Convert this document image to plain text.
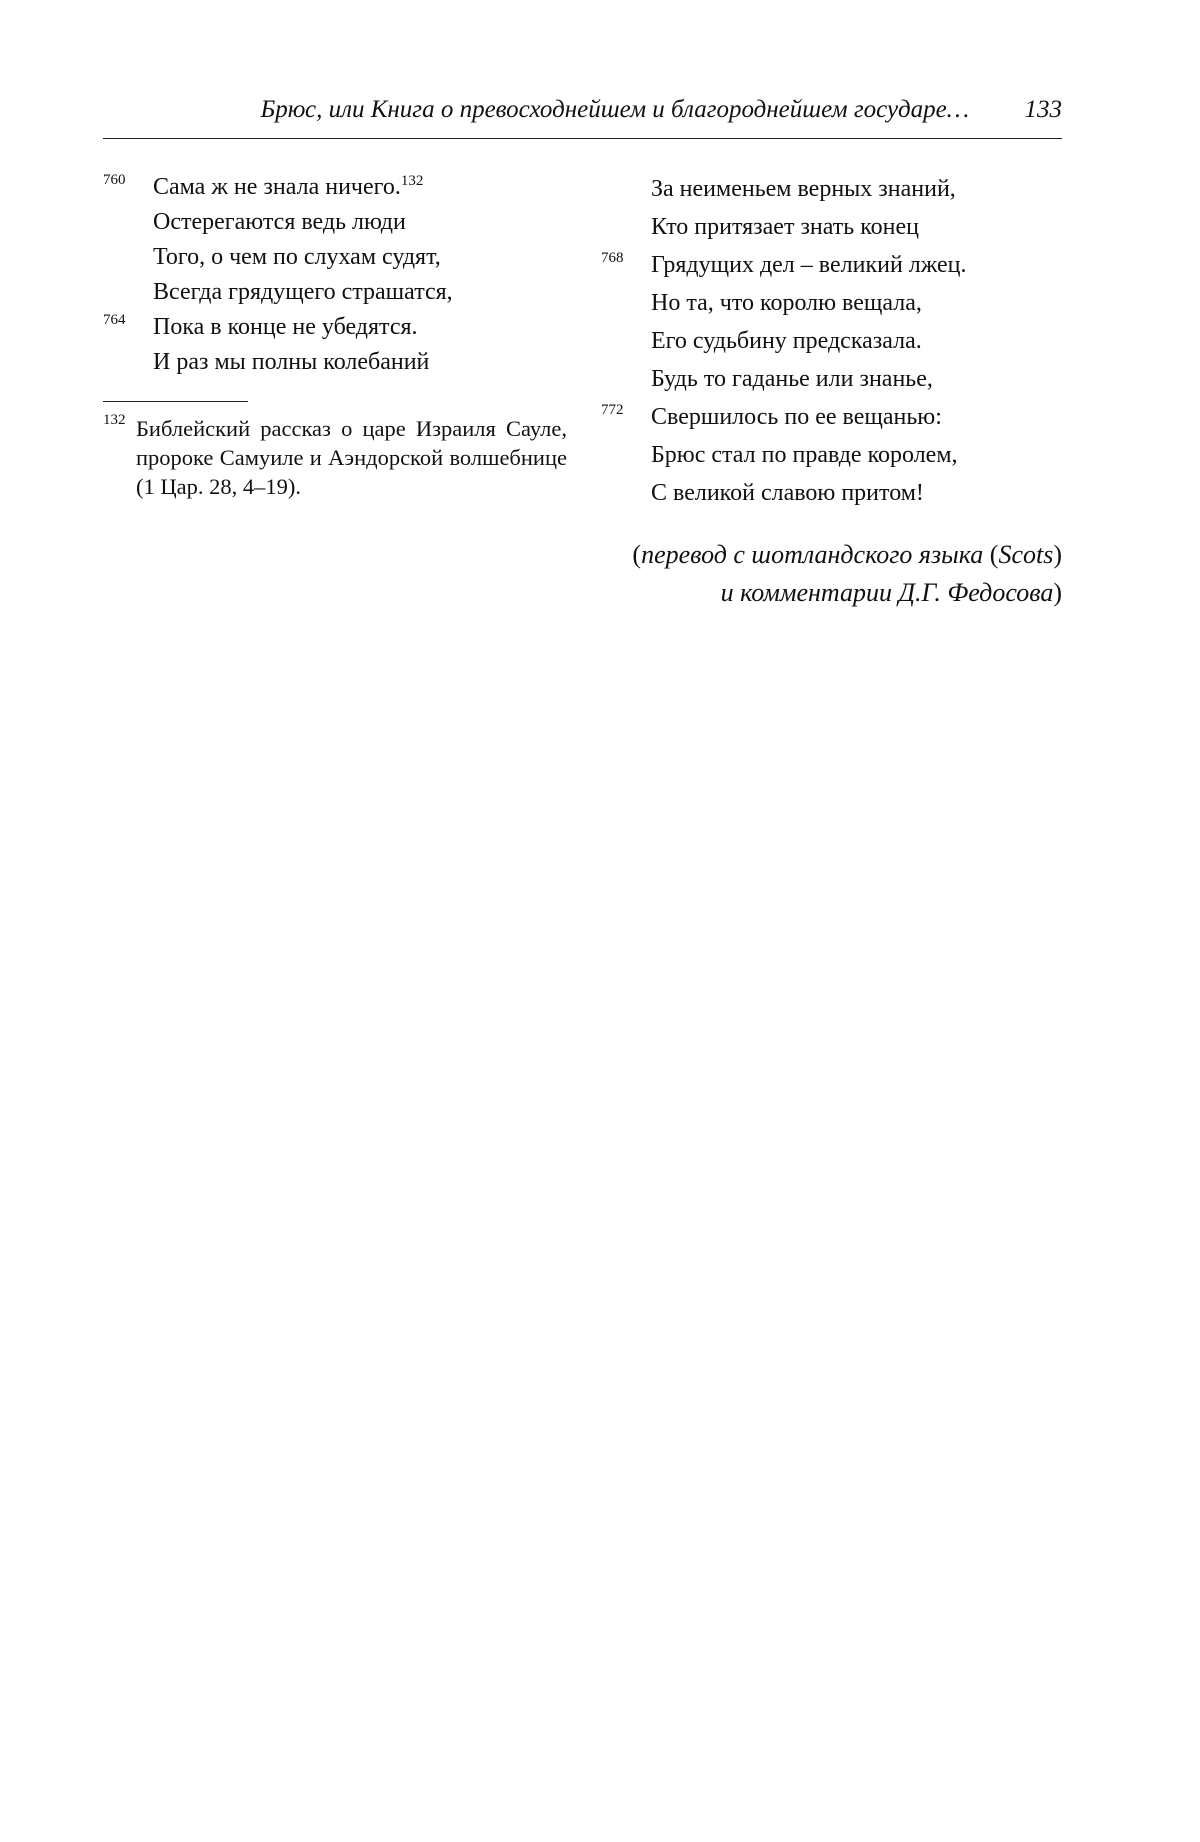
Брюс, или Книга о превосходнейшем и благороднейшем государе… 133
760 Сама ж не знала ничего.$^{132}$
Остерегаются ведь люди
Того, о чем по слухам судят,
Всегда грядущего страшатся,
764 Пока в конце не убедятся.
И раз мы полны колебаний
132 Библейский рассказ о царе Израиля Сауле, пророке Самуиле и Аэндорской волшебнице (1 Цар. 28, 4–19).
За неименьем верных знаний,
Кто притязает знать конец
768 Грядущих дел – великий лжец.
Но та, что королю вещала,
Его судьбину предсказала.
Будь то гаданье или знанье,
772 Свершилось по ее вещанью:
Брюс стал по правде королем,
С великой славою притом!
(перевод с шотландского языка (Scots)
и комментарии Д.Г. Федосова)
